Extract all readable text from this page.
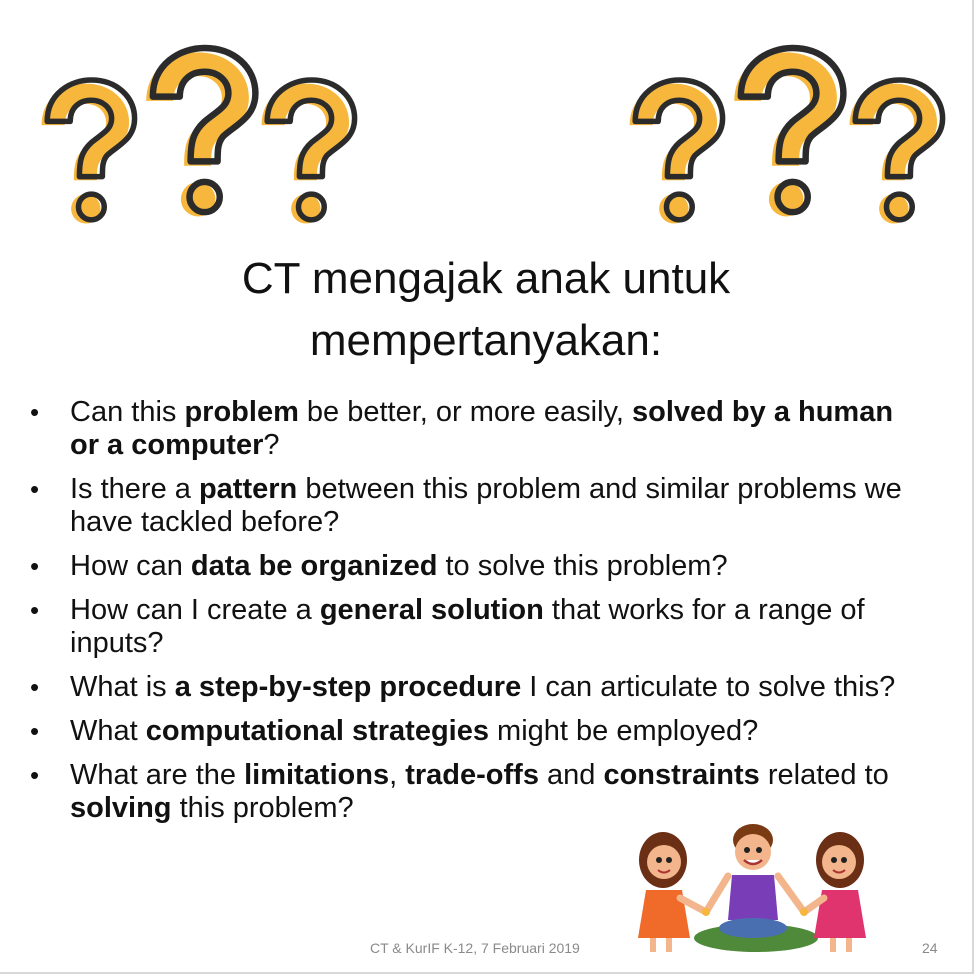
CT mengajak anak untuk
mempertanyakan:
• Can this problem be better, or more easily, solved by a human or a computer?
• Is there a pattern between this problem and similar problems we have tackled before?
• How can data be organized to solve this problem?
• How can I create a general solution that works for a range of inputs?
• What is a step-by-step procedure I can articulate to solve this?
• What computational strategies might be employed?
• What are the limitations, trade-offs and constraints related to solving this problem?
CT & KurIF K-12, 7 Februari 2019	24
